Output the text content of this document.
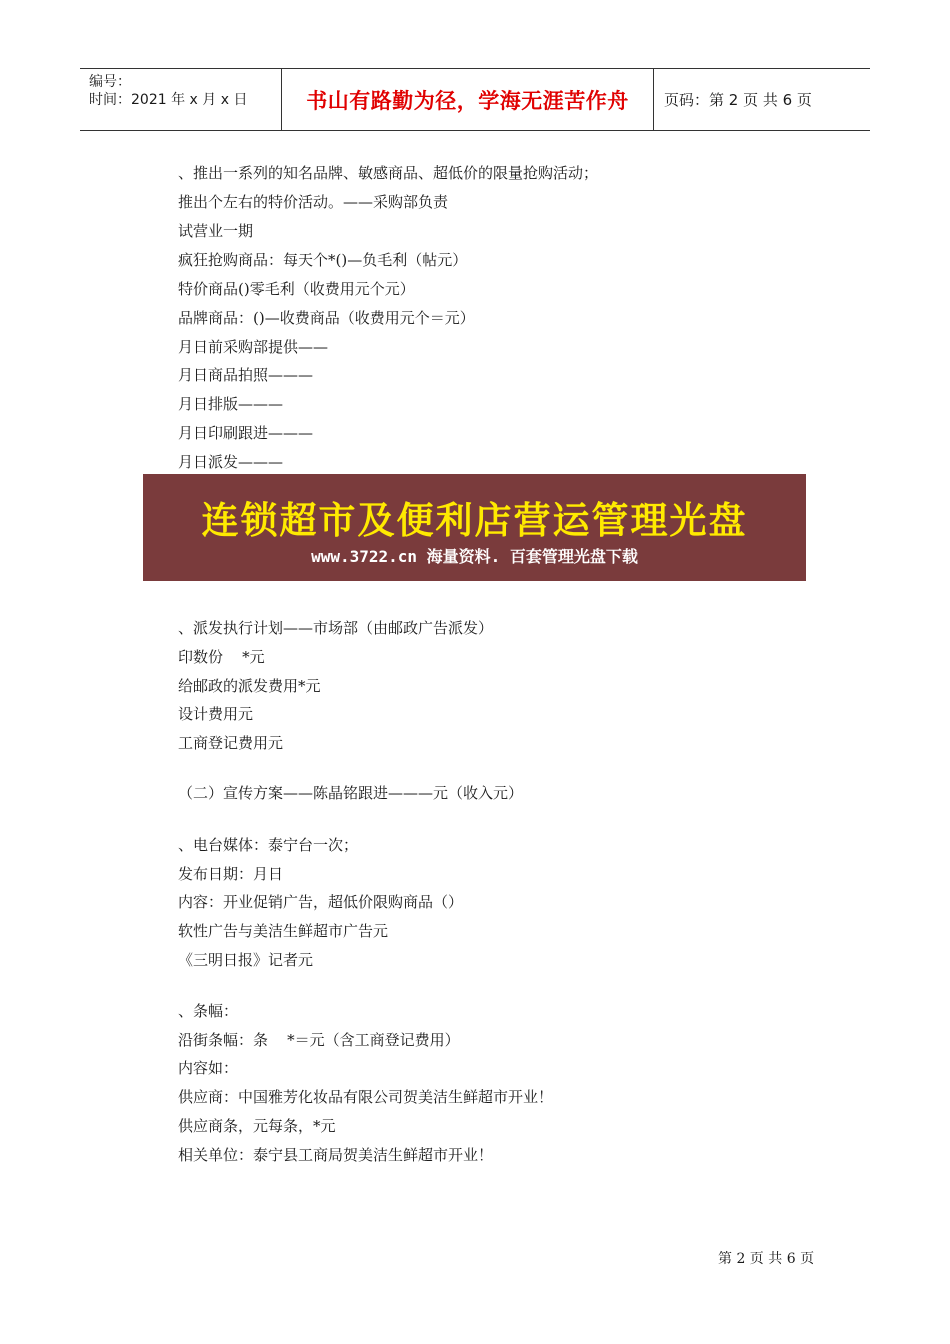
编号：
时间：2021 年 x 月 x 日	书山有路勤为径，学海无涯苦作舟 页码：第 2 页 共 6 页
、推出一系列的知名品牌、敏感商品、超低价的限量抢购活动；
推出个左右的特价活动。——采购部负责
试营业一期
疯狂抢购商品：每天个*()—负毛利（帖元）
特价商品()零毛利（收费用元个元）
品牌商品：()—收费商品（收费用元个＝元）
月日前采购部提供——
月日商品拍照———
月日排版———
月日印刷跟进———
月日派发———
连锁超市及便利店营运管理光盘
www.3722.cn 海量资料. 百套管理光盘下载
、派发执行计划——市场部（由邮政广告派发）
印数份    *元
给邮政的派发费用*元
设计费用元
工商登记费用元
（二）宣传方案——陈晶铭跟进———元（收入元）
、电台媒体：泰宁台一次；
发布日期：月日
内容：开业促销广告，超低价限购商品（）
软性广告与美洁生鲜超市广告元
《三明日报》记者元
、条幅：
沿街条幅：条    *＝元（含工商登记费用）
内容如：
供应商：中国雅芳化妆品有限公司贺美洁生鲜超市开业！
供应商条，元每条，*元
相关单位：泰宁县工商局贺美洁生鲜超市开业！
第 2 页 共 6 页
